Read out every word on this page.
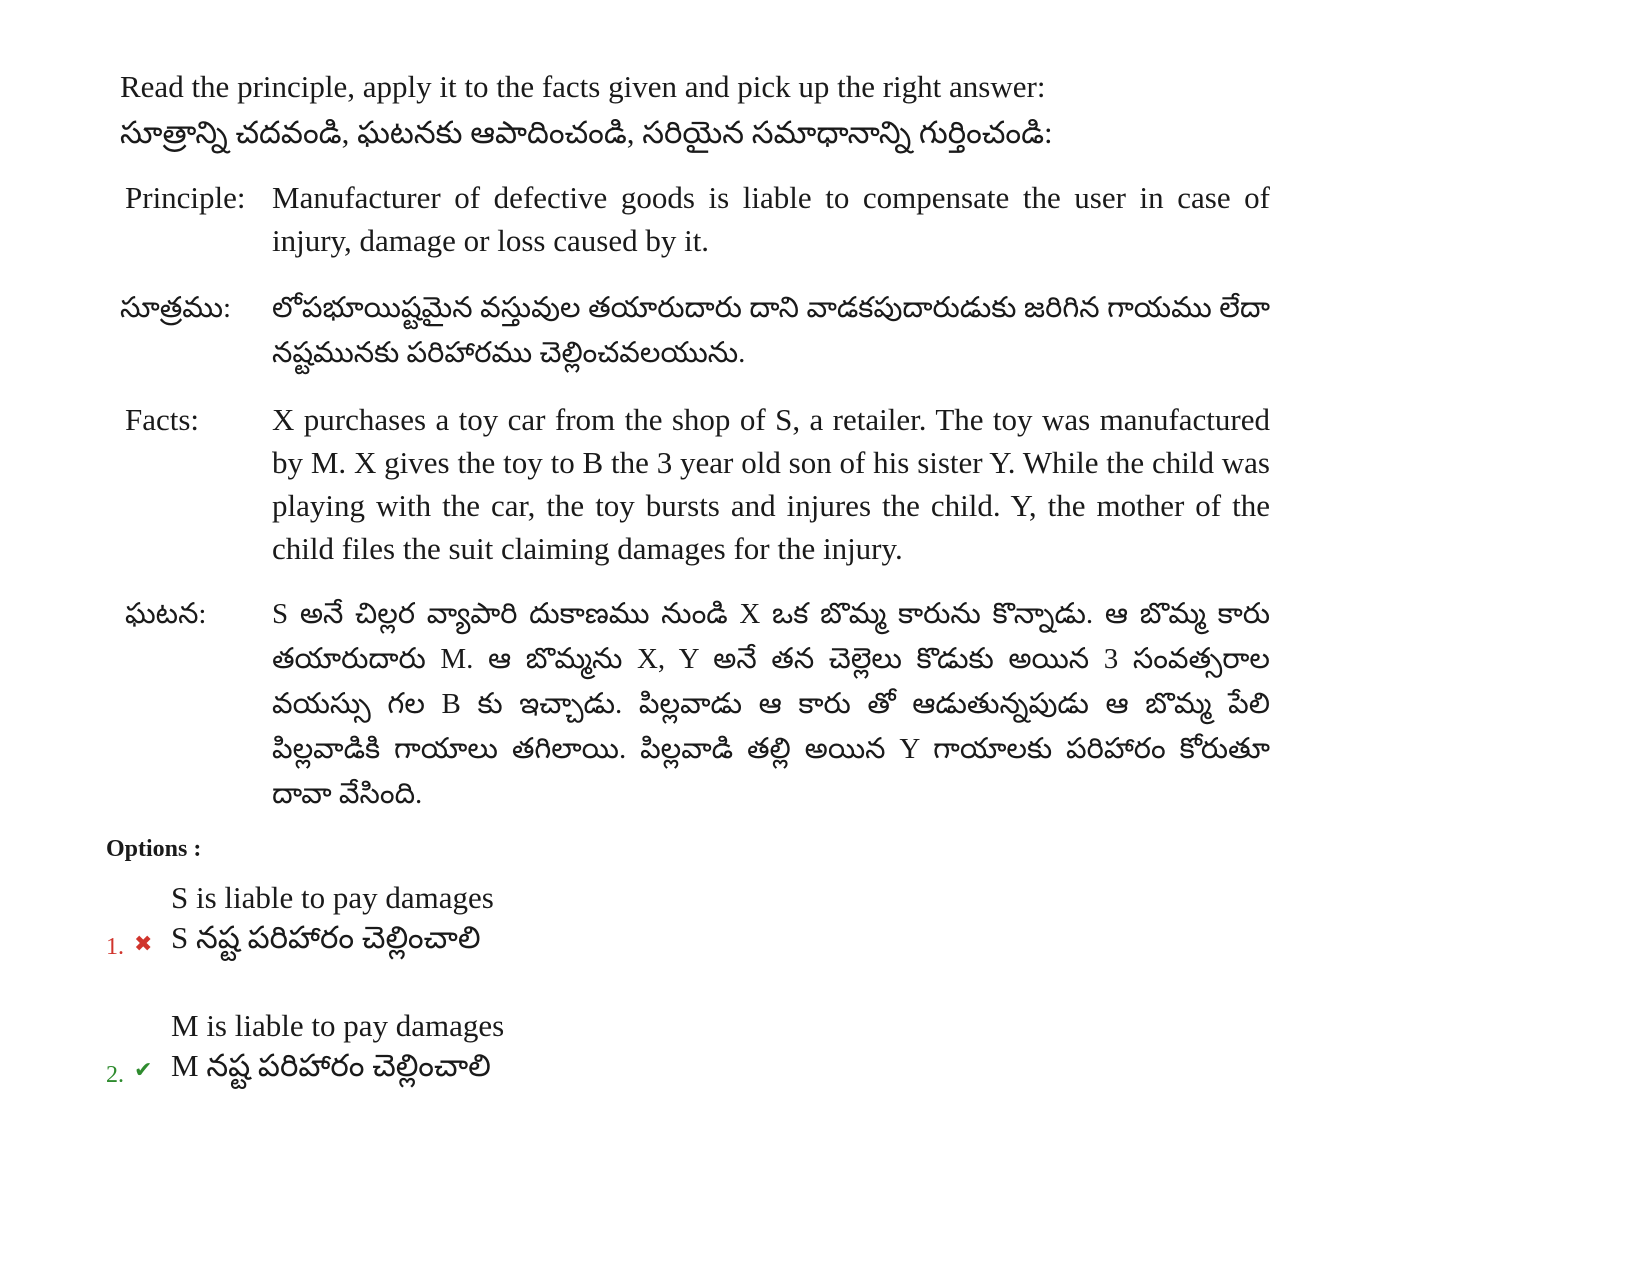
Read the principle, apply it to the facts given and pick up the right answer:
సూత్రాన్ని చదవండి, ఘటనకు ఆపాదించండి, సరియైన సమాధానాన్ని గుర్తించండి:
Principle: Manufacturer of defective goods is liable to compensate the user in case of injury, damage or loss caused by it.
సూత్రము:	లోపభూయిష్టమైన వస్తువుల తయారుదారు దాని వాడకపుదారుడుకు జరిగిన గాయము లేదా నష్టమునకు పరిహారము చెల్లించవలయును.
Facts:	X purchases a toy car from the shop of S, a retailer. The toy was manufactured by M. X gives the toy to B the 3 year old son of his sister Y. While the child was playing with the car, the toy bursts and injures the child. Y, the mother of the child files the suit claiming damages for the injury.
ఘటన:	S అనే చిల్లర వ్యాపారి దుకాణము నుండి X ఒక బొమ్మ కారును కొన్నాడు. ఆ బొమ్మ కారు తయారుదారు M. ఆ బొమ్మను X, Y అనే తన చెల్లెలు కొడుకు అయిన 3 సంవత్సరాల వయస్సు గల B కు ఇచ్చాడు. పిల్లవాడు ఆ కారు తో ఆడుతున్నపుడు ఆ బొమ్మ పేలి పిల్లవాడికి గాయాలు తగిలాయి. పిల్లవాడి తల్లి అయిన Y గాయాలకు పరిహారం కోరుతూ దావా వేసింది.
Options :
S is liable to pay damages
S నష్ట పరిహారం చెల్లించాలి
1. ✖
M is liable to pay damages
M నష్ట పరిహారం చెల్లించాలి
2. ✔
